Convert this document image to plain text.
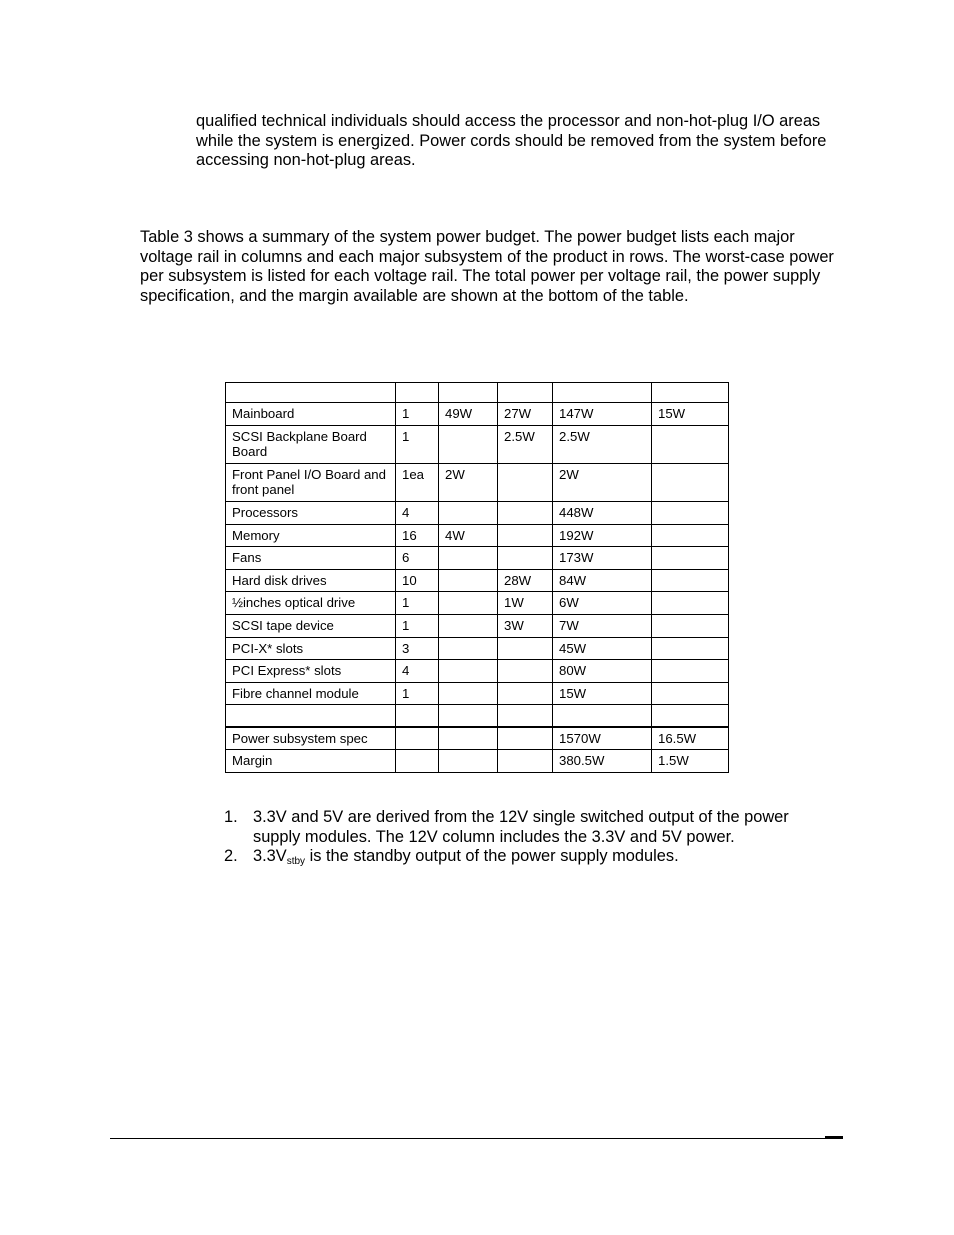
qualified technical individuals should access the processor and non-hot-plug I/O areas while the system is energized. Power cords should be removed from the system before accessing non-hot-plug areas.

Table 3 shows a summary of the system power budget. The power budget lists each major voltage rail in columns and each major subsystem of the product in rows. The worst-case power per subsystem is listed for each voltage rail. The total power per voltage rail, the power supply specification, and the margin available are shown at the bottom of the table.

Mainboard	1	49W	27W	147W	15W
SCSI Backplane Board Board	1		2.5W	2.5W	
Front Panel I/O Board and front panel	1ea	2W		2W	
Processors	4			448W	
Memory	16	4W		192W	
Fans	6			173W	
Hard disk drives	10		28W	84W	
½inches optical drive	1		1W	6W	
SCSI tape device	1		3W	7W	
PCI-X* slots	3			45W	
PCI Express* slots	4			80W	
Fibre channel module	1			15W	

Power subsystem spec				1570W	16.5W
Margin				380.5W	1.5W
1. 3.3V and 5V are derived from the 12V single switched output of the power supply modules. The 12V column includes the 3.3V and 5V power.
2. $3.3V_{stby}$ is the standby output of the power supply modules.
